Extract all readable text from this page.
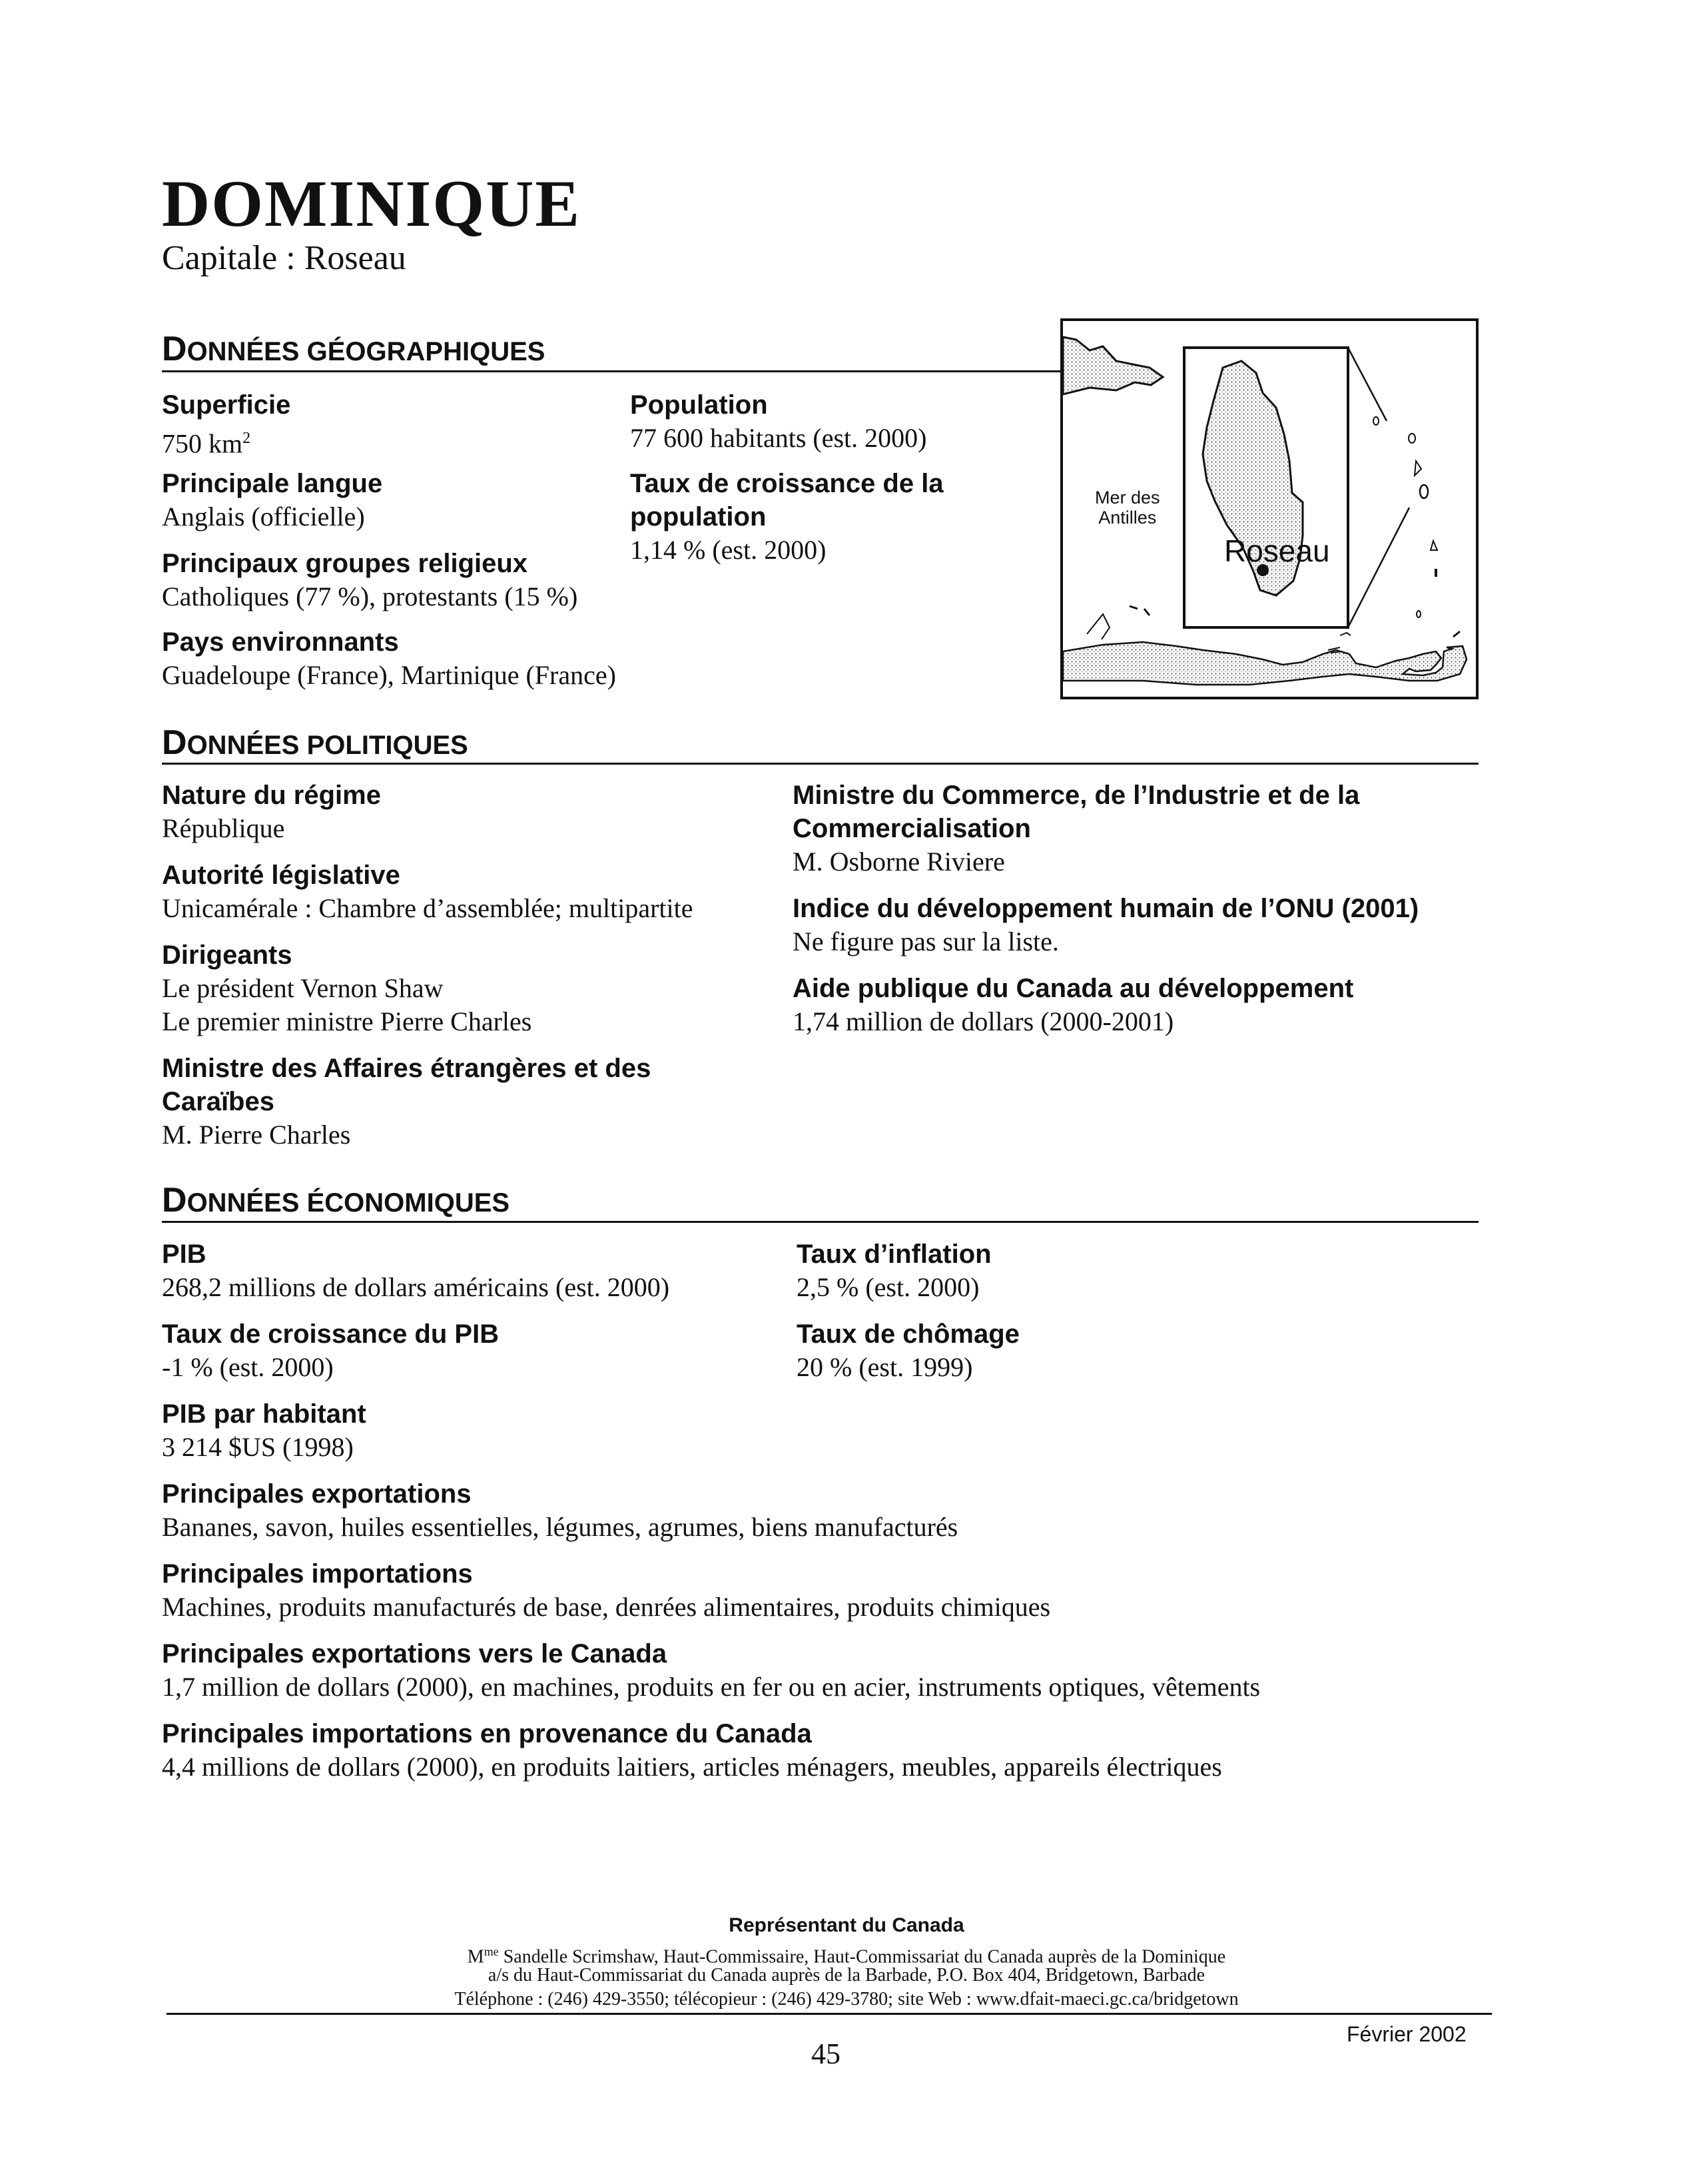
DOMINIQUE
Capitale : Roseau
DONNÉES GÉOGRAPHIQUES
Superficie
750 $km^2$
Principale langue
Anglais (officielle)
Principaux groupes religieux
Catholiques (77 %), protestants (15 %)
Pays environnants
Guadeloupe (France), Martinique (France)
Population
77 600 habitants (est. 2000)
Taux de croissance de la
population
1,14 % (est. 2000)
Mer des
Antilles
Roseau
DONNÉES POLITIQUES
Nature du régime
République
Autorité législative
Unicamérale : Chambre d’assemblée; multipartite
Dirigeants
Le président Vernon Shaw
Le premier ministre Pierre Charles
Ministre des Affaires étrangères et des
Caraïbes
M. Pierre Charles
Ministre du Commerce, de l’Industrie et de la
Commercialisation
M. Osborne Riviere
Indice du développement humain de l’ONU (2001)
Ne figure pas sur la liste.
Aide publique du Canada au développement
1,74 million de dollars (2000-2001)
DONNÉES ÉCONOMIQUES
PIB
268,2 millions de dollars américains (est. 2000)
Taux de croissance du PIB
-1 % (est. 2000)
PIB par habitant
3 214 $US (1998)
Taux d’inflation
2,5 % (est. 2000)
Taux de chômage
20 % (est. 1999)
Principales exportations
Bananes, savon, huiles essentielles, légumes, agrumes, biens manufacturés
Principales importations
Machines, produits manufacturés de base, denrées alimentaires, produits chimiques
Principales exportations vers le Canada
1,7 million de dollars (2000), en machines, produits en fer ou en acier, instruments optiques, vêtements
Principales importations en provenance du Canada
4,4 millions de dollars (2000), en produits laitiers, articles ménagers, meubles, appareils électriques
Représentant du Canada
$M^{me}$ Sandelle Scrimshaw, Haut-Commissaire, Haut-Commissariat du Canada auprès de la Dominique
a/s du Haut-Commissariat du Canada auprès de la Barbade, P.O. Box 404, Bridgetown, Barbade
Téléphone : (246) 429-3550; télécopieur : (246) 429-3780; site Web : www.dfait-maeci.gc.ca/bridgetown
45
Février 2002
